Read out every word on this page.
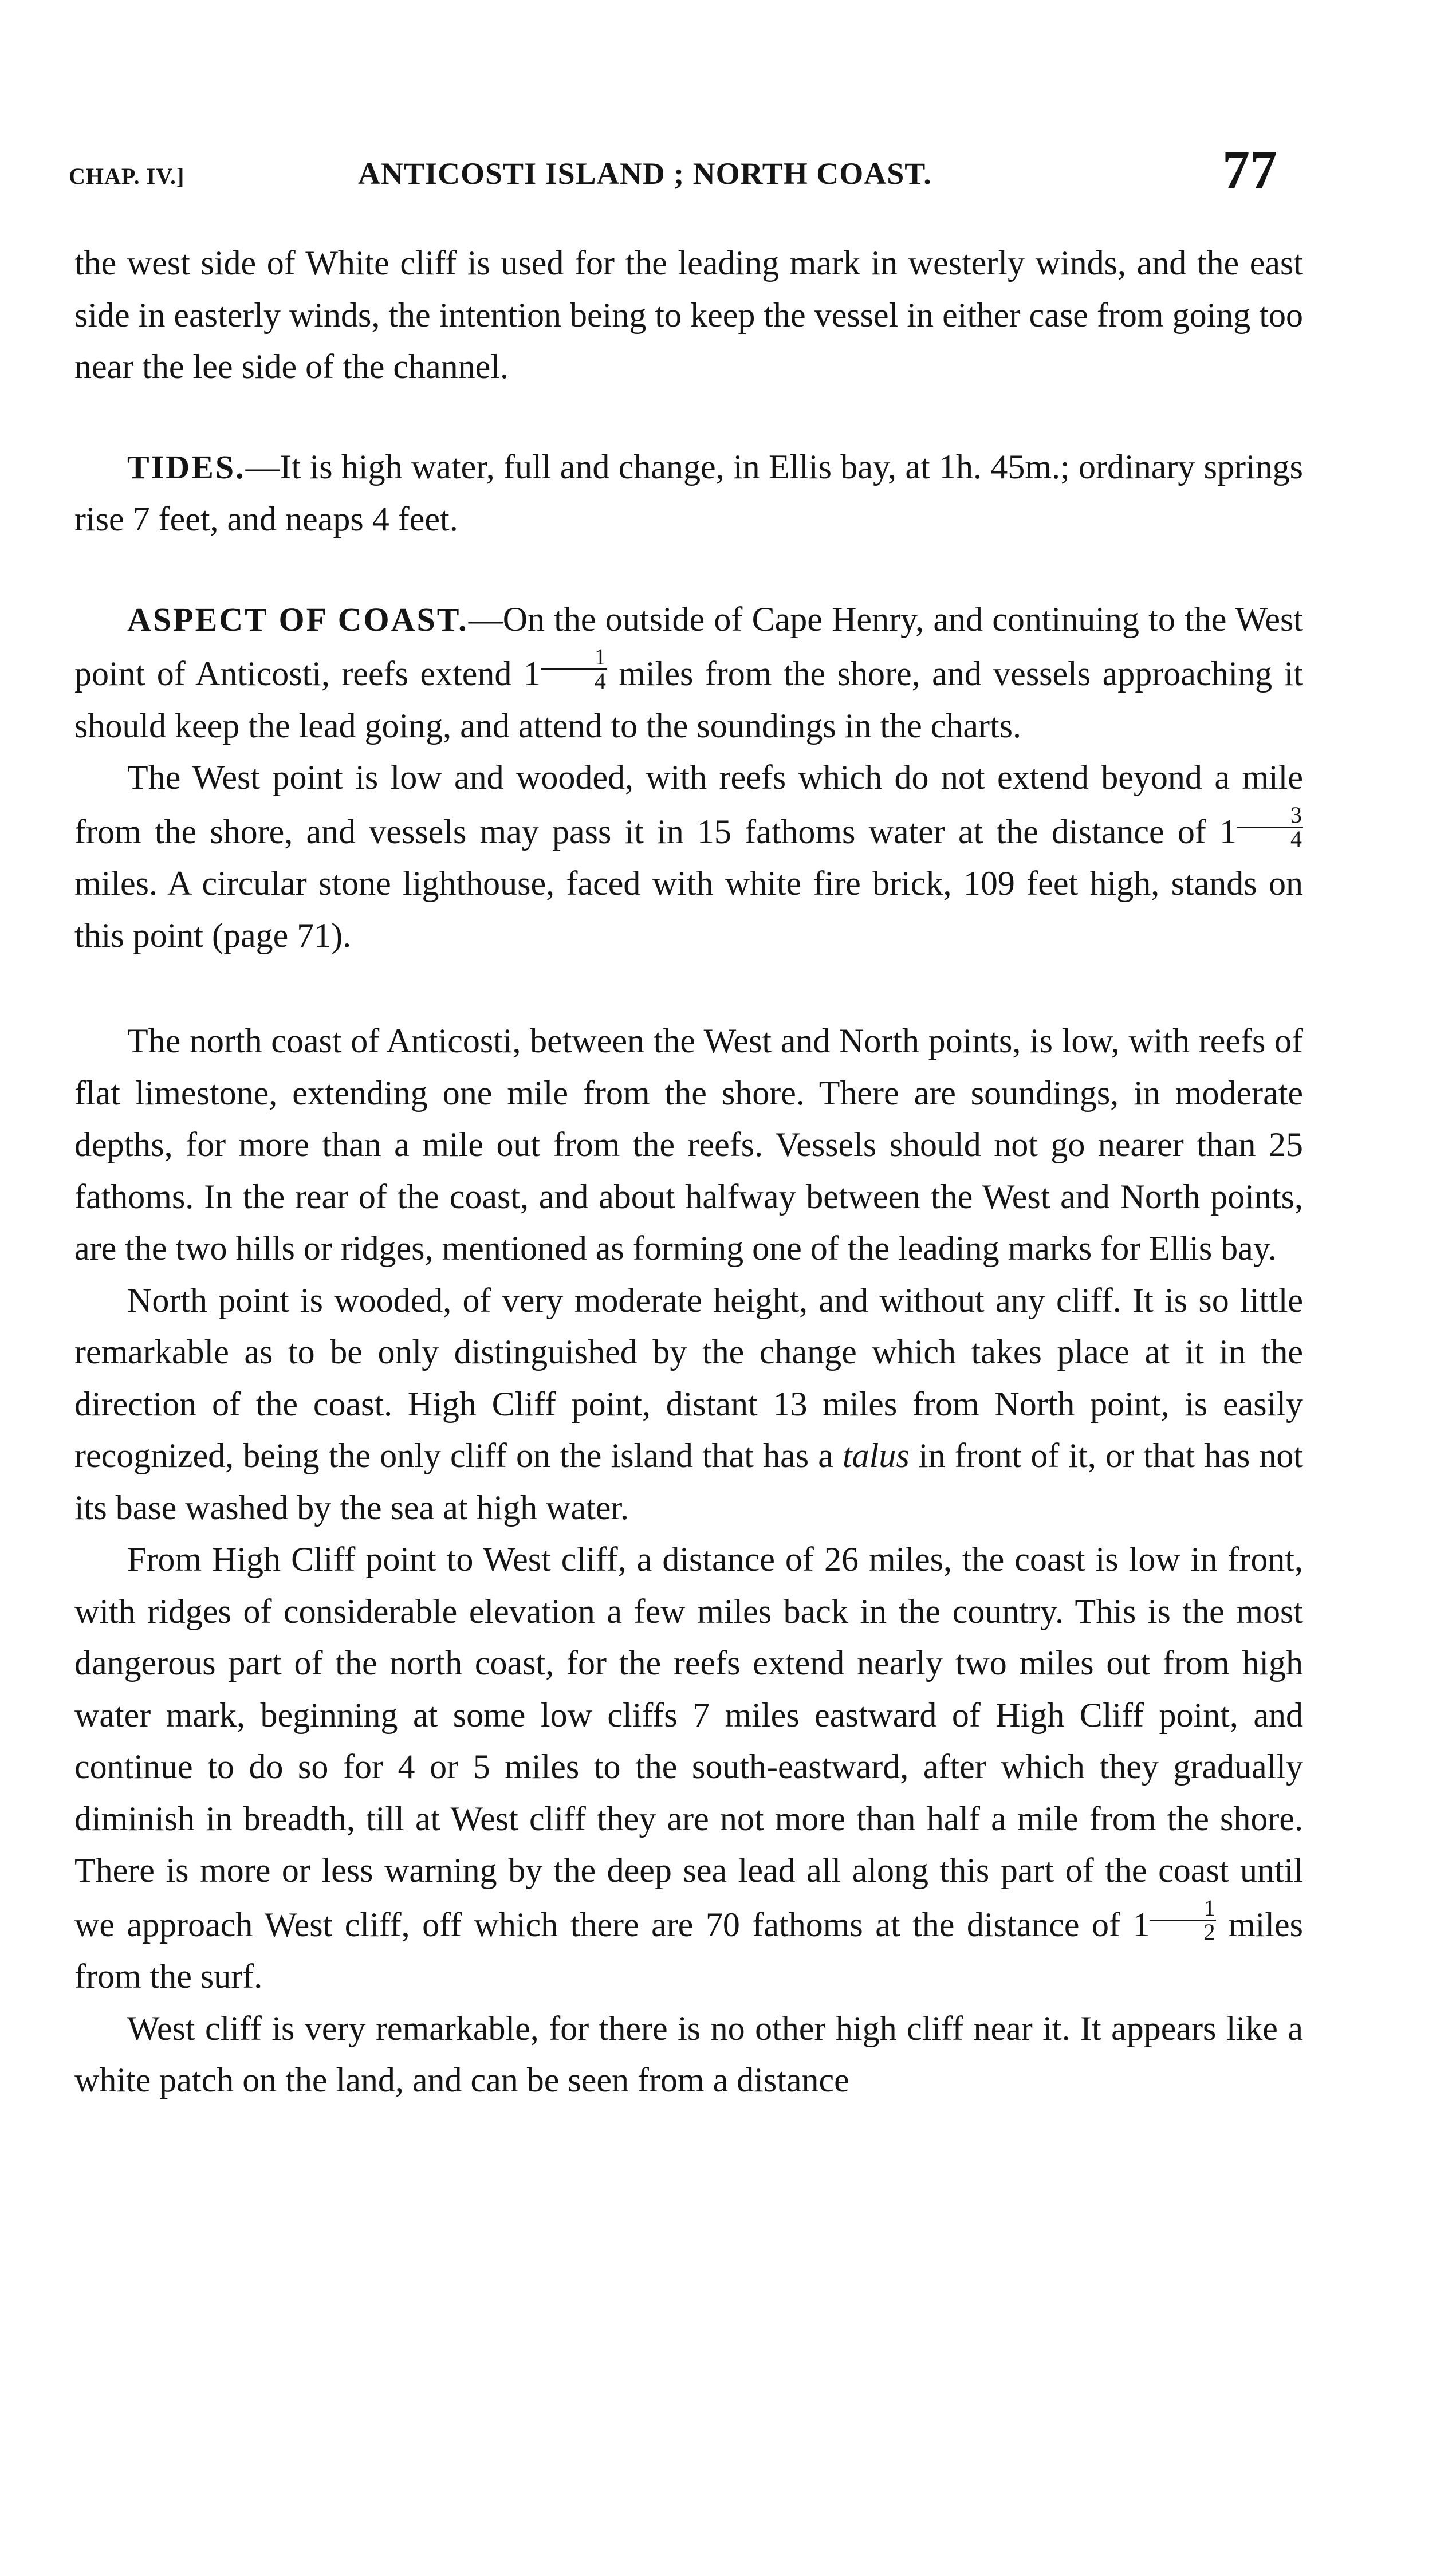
CHAP. IV.]	ANTICOSTI ISLAND ; NORTH COAST.	77

the west side of White cliff is used for the leading mark in westerly winds, and the east side in easterly winds, the intention being to keep the vessel in either case from going too near the lee side of the channel.

TIDES.—It is high water, full and change, in Ellis bay, at 1h. 45m.; ordinary springs rise 7 feet, and neaps 4 feet.

ASPECT OF COAST.—On the outside of Cape Henry, and continuing to the West point of Anticosti, reefs extend $1 \frac{1}{4}$ miles from the shore, and vessels approaching it should keep the lead going, and attend to the soundings in the charts.

The West point is low and wooded, with reefs which do not extend beyond a mile from the shore, and vessels may pass it in 15 fathoms water at the distance of $1 \frac{3}{4}$
miles. A circular stone lighthouse, faced with white fire brick, 109 feet high, stands on this point (page 71).

The north coast of Anticosti, between the West and North points, is low, with reefs of flat limestone, extending one mile from the shore. There are soundings, in moderate depths, for more than a mile out from the reefs. Vessels should not go nearer than 25 fathoms. In the rear of the coast, and about halfway between the West and North points, are the two hills or ridges, mentioned as forming one of the leading marks for Ellis bay.

North point is wooded, of very moderate height, and without any cliff. It is so little remarkable as to be only distinguished by the change which takes place at it in the direction of the coast. High Cliff point, distant 13 miles from North point, is easily recognized, being the only cliff on the island that has a talus in front of it, or that has not its base washed by the sea at high water.

From High Cliff point to West cliff, a distance of 26 miles, the coast is low in front, with ridges of considerable elevation a few miles back in the country. This is the most dangerous part of the north coast, for the reefs extend nearly two miles out from high water mark, beginning at some low cliffs 7 miles eastward of High Cliff point, and continue to do so for 4 or 5 miles to the south-eastward, after which they gradually diminish in breadth, till at West cliff they are not more than half a mile from the shore. There is more or less warning by the deep sea lead all along this part of the coast until we approach West cliff, off which there are 70 fathoms at the distance of $1 \frac{1}{2}$ miles from the surf.

West cliff is very remarkable, for there is no other high cliff near it. It appears like a white patch on the land, and can be seen from a distance
